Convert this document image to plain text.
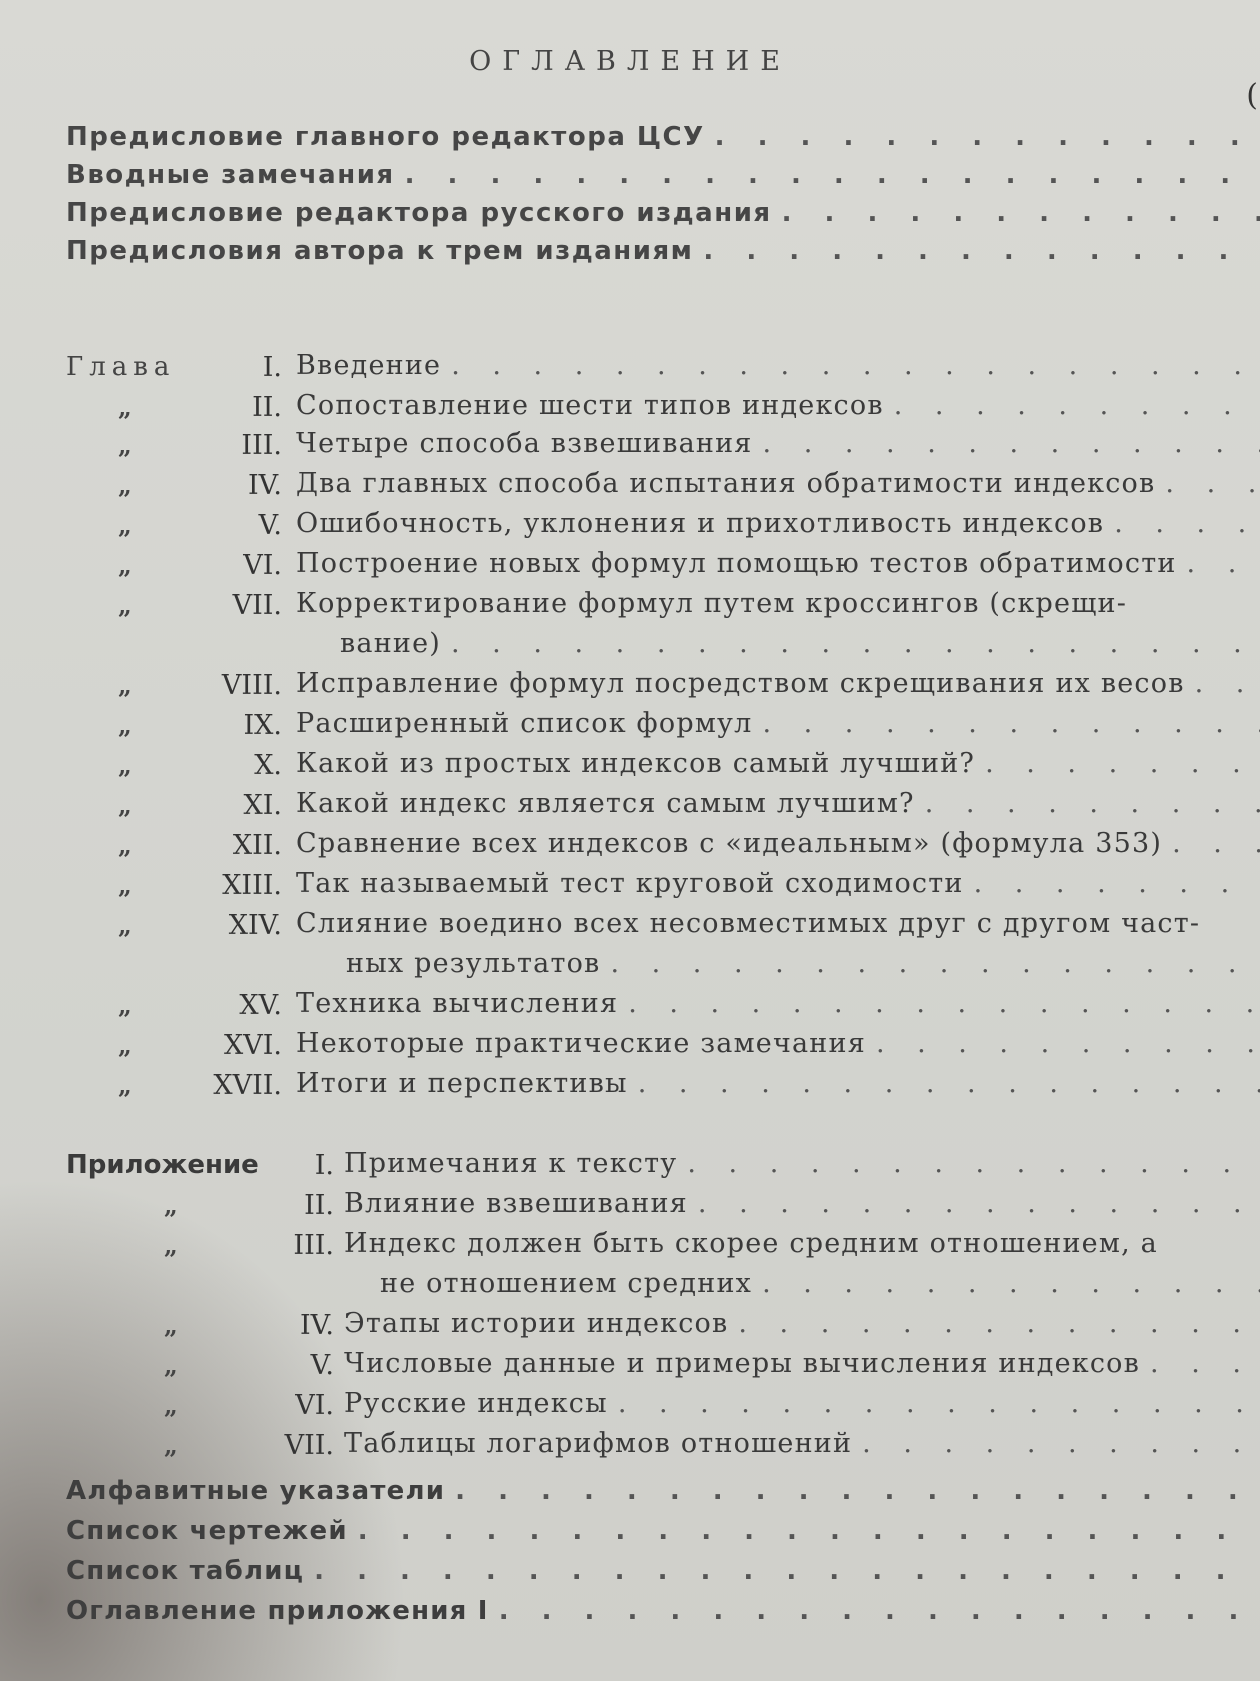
ОГЛАВЛЕНИЕ
(
Предисловие главного редактора ЦСУ
. . .
Вводные замечания
. . .
Предисловие редактора русского издания
. . .
Предисловия автора к трем изданиям
. . .
Глава	I. Введение
. . .
„	II. Сопоставление шести типов индексов
. . .
„	III. Четыре способа взвешивания
. . .
„	IV. Два главных способа испытания обратимости индексов
. . .
„	V. Ошибочность, уклонения и прихотливость индексов
. . .
„	VI. Построение новых формул помощью тестов обратимости
. . .
„	VII. Корректирование формул путем кроссингов (скрещи-
вание)
. . .
„	VIII. Исправление формул посредством скрещивания их весов
. . .
„	IX. Расширенный список формул
. . .
„	X. Какой из простых индексов самый лучший?
. . .
„	XI. Какой индекс является самым лучшим?
. . .
„	XII. Сравнение всех индексов с «идеальным» (формула 353)
. . .
„	XIII. Так называемый тест круговой сходимости
. . .
„	XIV. Слияние воедино всех несовместимых друг с другом част-
ных результатов
. . .
„	XV. Техника вычисления
. . .
„	XVI. Некоторые практические замечания
. . .
„	XVII. Итоги и перспективы
. . .
Приложение	I. Примечания к тексту
. . .
„	II. Влияние взвешивания
. . .
„	III. Индекс должен быть скорее средним отношением, а
не отношением средних
. . .
„	IV. Этапы истории индексов
. . .
„	V. Числовые данные и примеры вычисления индексов
. . .
„	VI. Русские индексы
. . .
„	VII. Таблицы логарифмов отношений
. . .
Алфавитные указатели
. . .
Список чертежей
. . .
Список таблиц
. . .
Оглавление приложения I
. . .
